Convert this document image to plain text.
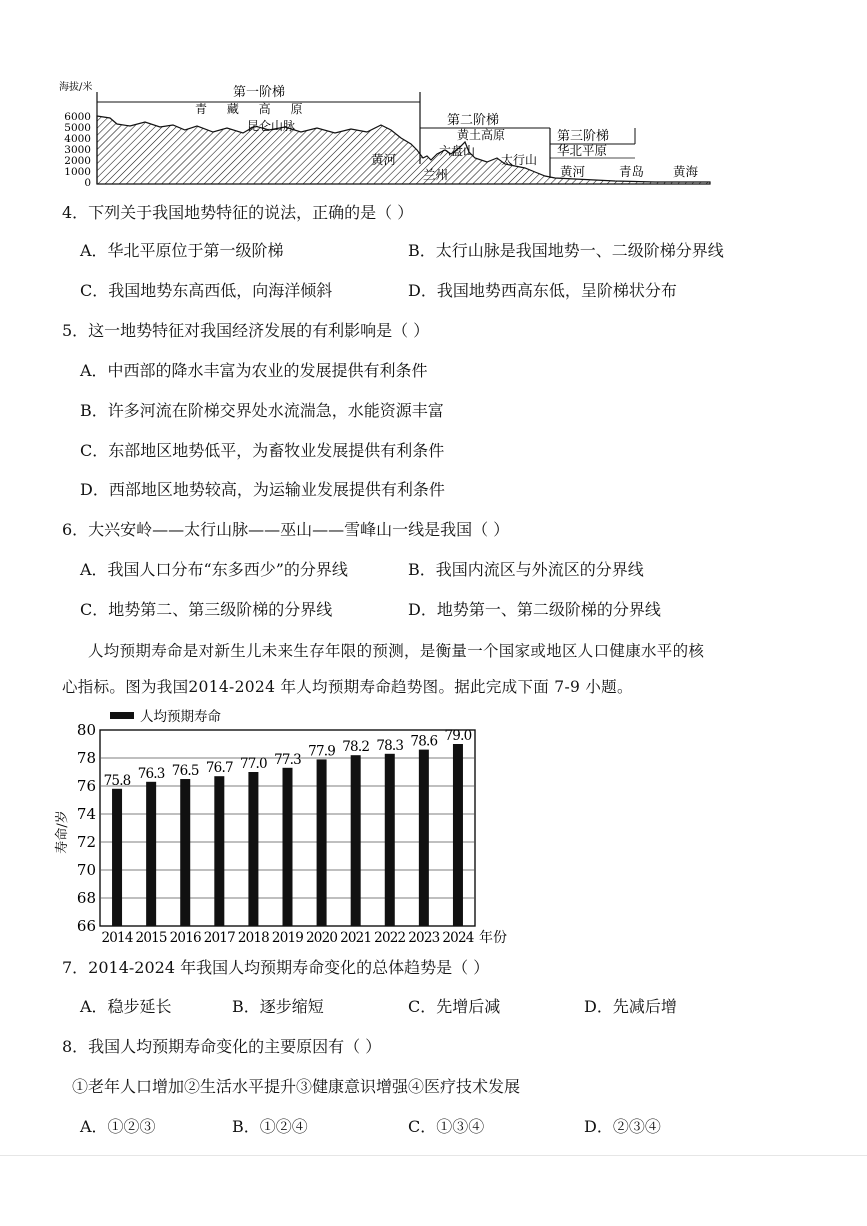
海拔/米
6000
5000
4000
3000
2000
1000
0
第一阶梯
青 藏 高 原
昆仑山脉	第二阶梯
黄土高原
六盘山
太行山
第三阶梯
华北平原
黄河
兰州	黄河	青岛 黄海
4．下列关于我国地势特征的说法，正确的是（ ）
A．华北平原位于第一级阶梯	B．太行山脉是我国地势一、二级阶梯分界线
C．我国地势东高西低，向海洋倾斜	D．我国地势西高东低，呈阶梯状分布
5．这一地势特征对我国经济发展的有利影响是（ ）
A．中西部的降水丰富为农业的发展提供有利条件
B．许多河流在阶梯交界处水流湍急，水能资源丰富
C．东部地区地势低平，为畜牧业发展提供有利条件
D．西部地区地势较高，为运输业发展提供有利条件
6．大兴安岭——太行山脉——巫山——雪峰山一线是我国（ ）
A．我国人口分布“东多西少”的分界线	B．我国内流区与外流区的分界线
C．地势第二、第三级阶梯的分界线	D．地势第一、第二级阶梯的分界线
人均预期寿命是对新生儿未来生存年限的预测，是衡量一个国家或地区人口健康水平的核
心指标。图为我国2014-2024 年人均预期寿命趋势图。据此完成下面 7-9 小题。
66
68
70
72
74
76
78
80
75.8
2014
76.3
2015
76.5
2016
76.7
2017
77.0
2018
77.3
2019
77.9
2020
78.2
2021
78.3
2022
78.6
2023
79.0
2024 年份
寿命/岁
人均预期寿命
7．2014-2024 年我国人均预期寿命变化的总体趋势是（ ）
A．稳步延长	B．逐步缩短	C．先增后减	D．先减后增
8．我国人均预期寿命变化的主要原因有（ ）
①老年人口增加②生活水平提升③健康意识增强④医疗技术发展
A．①②③	B．①②④	C．①③④	D．②③④
